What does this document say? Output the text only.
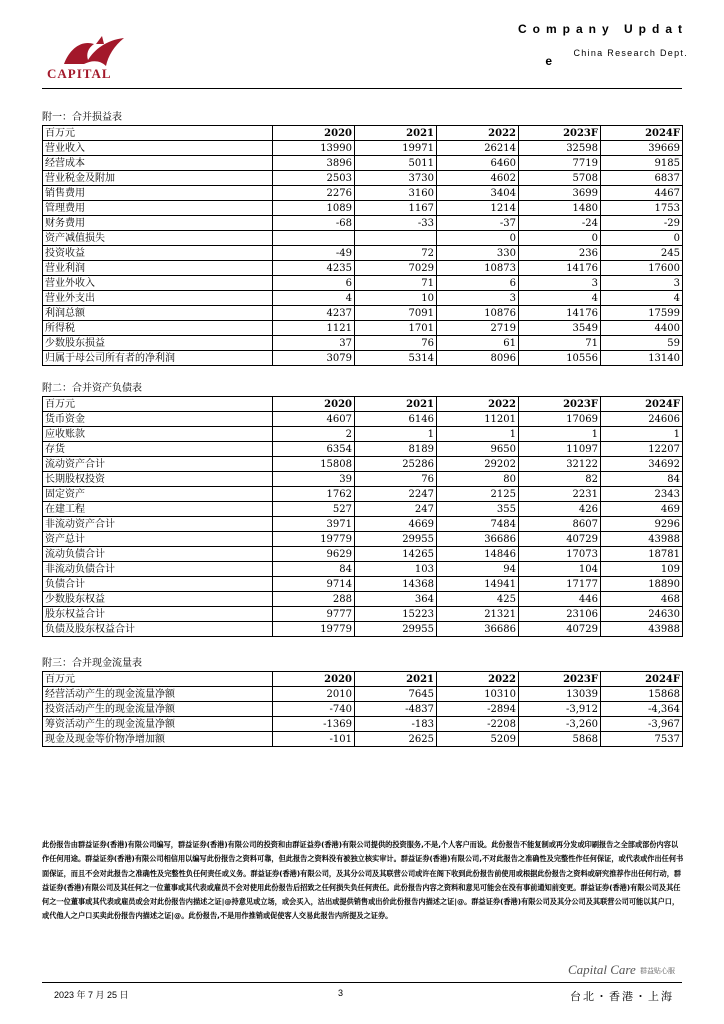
CAPITAL
Company Updat
China Research Dept.
e
附一：合并损益表
百万元	2020	2021	2022	2023F	2024F
营业收入	13990	19971	26214	32598	39669
经营成本	3896	5011	6460	7719	9185
营业税金及附加	2503	3730	4602	5708	6837
销售费用	2276	3160	3404	3699	4467
管理费用	1089	1167	1214	1480	1753
财务费用	-68	-33	-37	-24	-29
资产减值损失			0	0	0
投资收益	-49	72	330	236	245
营业利润	4235	7029	10873	14176	17600
营业外收入	6	71	6	3	3
营业外支出	4	10	3	4	4
利润总额	4237	7091	10876	14176	17599
所得税	1121	1701	2719	3549	4400
少数股东损益	37	76	61	71	59
归属于母公司所有者的净利润	3079	5314	8096	10556	13140
附二：合并资产负债表
百万元	2020	2021	2022	2023F	2024F
货币资金	4607	6146	11201	17069	24606
应收账款	2	1	1	1	1
存货	6354	8189	9650	11097	12207
流动资产合计	15808	25286	29202	32122	34692
长期股权投资	39	76	80	82	84
固定资产	1762	2247	2125	2231	2343
在建工程	527	247	355	426	469
非流动资产合计	3971	4669	7484	8607	9296
资产总计	19779	29955	36686	40729	43988
流动负债合计	9629	14265	14846	17073	18781
非流动负债合计	84	103	94	104	109
负债合计	9714	14368	14941	17177	18890
少数股东权益	288	364	425	446	468
股东权益合计	9777	15223	21321	23106	24630
负债及股东权益合计	19779	29955	36686	40729	43988
附三：合并现金流量表
百万元	2020	2021	2022	2023F	2024F
经营活动产生的现金流量净额	2010	7645	10310	13039	15868
投资活动产生的现金流量净额	-740	-4837	-2894	-3,912	-4,364
筹资活动产生的现金流量净额	-1369	-183	-2208	-3,260	-3,967
现金及现金等价物净增加额	-101	2625	5209	5868	7537
此份报告由群益证券(香港)有限公司编写，群益证券(香港)有限公司的投资和由群证益券(香港)有限公司提供的投资服务,不是,个人客户而设。此份报告不能复制或再分发或印刷报告之全部或部份内容以作任何用途。群益证券(香港)有限公司相信用以编写此份报告之资料可靠，但此报告之资料没有被独立核实审计。群益证券(香港)有限公司,不对此报告之准确性及完整性作任何保证，或代表或作出任何书面保证，而且不会对此报告之准确性及完整性负任何责任或义务。群益证券(香港)有限公司，及其分公司及其联营公司或许在阁下收到此份报告前使用或根据此份报告之资料或研究推荐作出任何行动，群益证券(香港)有限公司及其任何之一位董事或其代表或雇员不会对使用此份报告后招致之任何损失负任何责任。此份报告内容之资料和意见可能会在没有事前通知前变更。群益证券(香港)有限公司及其任何之一位董事或其代表或雇员或会对此份报告内描述之证|@持意见或立场，或会买入，沽出或提供销售或出价此份报告内描述之证|@。群益证券(香港)有限公司及其分公司及其联营公司可能以其户口，或代他人之户口买卖此份报告内描述之证|@。此份报告,不是用作推销或促使客人交易此报告内所提及之证券。
Capital Care 群益贴心服
2023 年 7 月 25 日	3	台北・香港・上海
